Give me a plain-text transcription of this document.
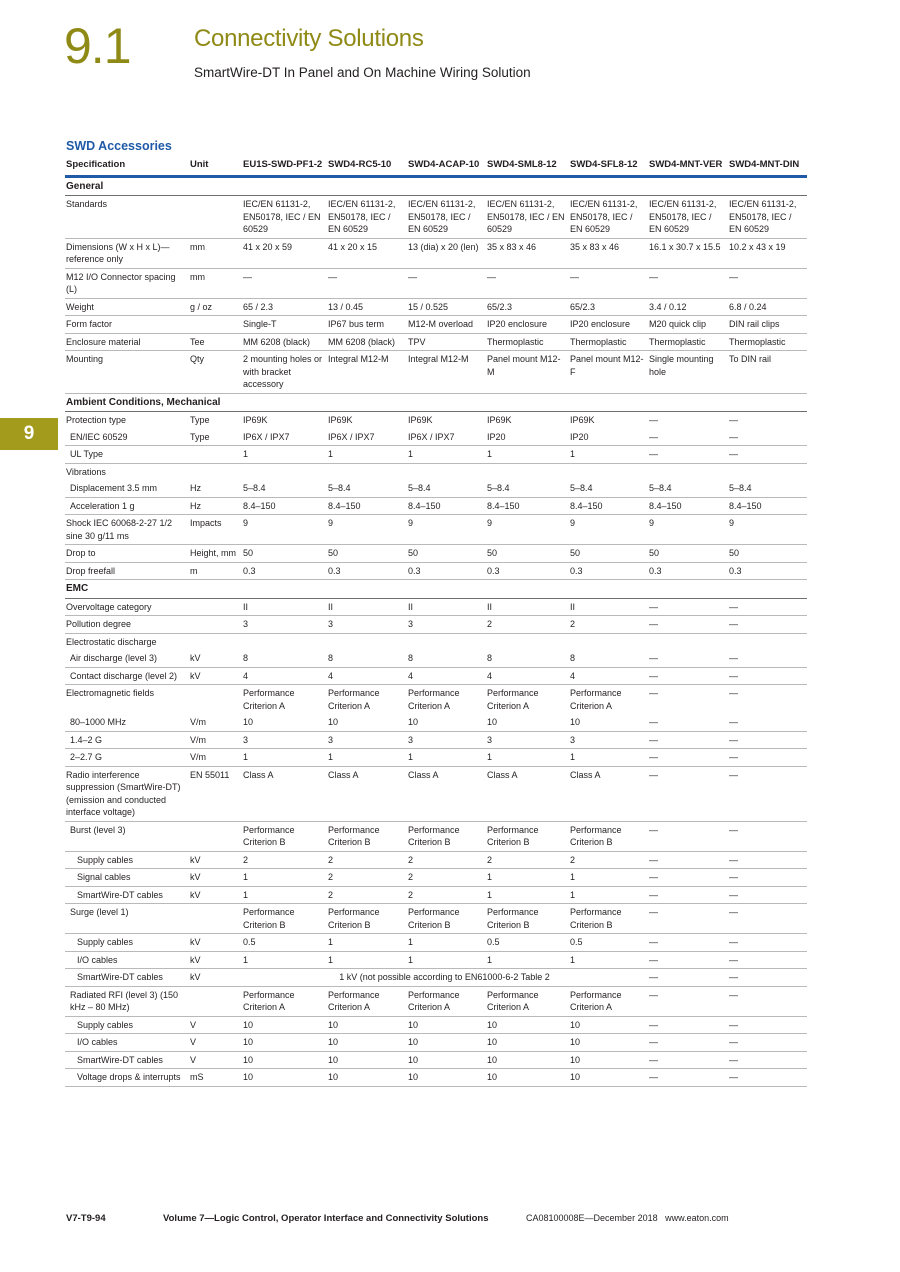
9.1	Connectivity Solutions
SmartWire-DT In Panel and On Machine Wiring Solution
9
SWD Accessories
Specification	Unit	EU1S-SWD-PF1-2	SWD4-RC5-10	SWD4-ACAP-10	SWD4-SML8-12	SWD4-SFL8-12	SWD4-MNT-VER	SWD4-MNT-DIN
General								
Standards		IEC/EN 61131-2, EN50178, IEC / EN 60529	IEC/EN 61131-2, EN50178, IEC / EN 60529	IEC/EN 61131-2, EN50178, IEC / EN 60529	IEC/EN 61131-2, EN50178, IEC / EN 60529	IEC/EN 61131-2, EN50178, IEC / EN 60529	IEC/EN 61131-2, EN50178, IEC / EN 60529	IEC/EN 61131-2, EN50178, IEC / EN 60529
Dimensions (W x H x L)— reference only	mm	41 x 20 x 59	41 x 20 x 15	13 (dia) x 20 (len)	35 x 83 x 46	35 x 83 x 46	16.1 x 30.7 x 15.5	10.2 x 43 x 19
M12 I/O Connector spacing (L)	mm	—	—	—	—	—	—	—
Weight	g / oz	65 / 2.3	13 / 0.45	15 / 0.525	65/2.3	65/2.3	3.4 / 0.12	6.8 / 0.24
Form factor		Single-T	IP67 bus term	M12-M overload	IP20 enclosure	IP20 enclosure	M20 quick clip	DIN rail clips
Enclosure material	Tee	MM 6208 (black)	MM 6208 (black)	TPV	Thermoplastic	Thermoplastic	Thermoplastic	Thermoplastic
Mounting	Qty	2 mounting holes or with bracket accessory	Integral M12-M	Integral M12-M	Panel mount M12-M	Panel mount M12-F	Single mounting hole	To DIN rail
Ambient Conditions, Mechanical								
Protection type	Type	IP69K	IP69K	IP69K	IP69K	IP69K	—	—
EN/IEC 60529	Type	IP6X / IPX7	IP6X / IPX7	IP6X / IPX7	IP20	IP20	—	—
UL Type		1	1	1	1	1	—	—
Vibrations								
Displacement 3.5 mm	Hz	5–8.4	5–8.4	5–8.4	5–8.4	5–8.4	5–8.4	5–8.4
Acceleration 1 g	Hz	8.4–150	8.4–150	8.4–150	8.4–150	8.4–150	8.4–150	8.4–150
Shock IEC 60068-2-27 1/2 sine 30 g/11 ms	Impacts	9	9	9	9	9	9	9
Drop to	Height, mm	50	50	50	50	50	50	50
Drop freefall	m	0.3	0.3	0.3	0.3	0.3	0.3	0.3
EMC								
Overvoltage category		II	II	II	II	II	—	—
Pollution degree		3	3	3	2	2	—	—
Electrostatic discharge								
Air discharge (level 3)	kV	8	8	8	8	8	—	—
Contact discharge (level 2)	kV	4	4	4	4	4	—	—
Electromagnetic fields		Performance Criterion A	Performance Criterion A	Performance Criterion A	Performance Criterion A	Performance Criterion A	—	—
80–1000 MHz	V/m	10	10	10	10	10	—	—
1.4–2 G	V/m	3	3	3	3	3	—	—
2–2.7 G	V/m	1	1	1	1	1	—	—
Radio interference suppression (SmartWire-DT) (emission and conducted interface voltage)	EN 55011	Class A	Class A	Class A	Class A	Class A	—	—
Burst (level 3)		Performance Criterion B	Performance Criterion B	Performance Criterion B	Performance Criterion B	Performance Criterion B	—	—
Supply cables	kV	2	2	2	2	2	—	—
Signal cables	kV	1	2	2	1	1	—	—
SmartWire-DT cables	kV	1	2	2	1	1	—	—
Surge (level 1)		Performance Criterion B	Performance Criterion B	Performance Criterion B	Performance Criterion B	Performance Criterion B	—	—
Supply cables	kV	0.5	1	1	0.5	0.5	—	—
I/O cables	kV	1	1	1	1	1	—	—
SmartWire-DT cables	kV	1 kV (not possible according to EN61000-6-2 Table 2					—	—
Radiated RFI (level 3) (150 kHz – 80 MHz)		Performance Criterion A	Performance Criterion A	Performance Criterion A	Performance Criterion A	Performance Criterion A	—	—
Supply cables	V	10	10	10	10	10	—	—
I/O cables	V	10	10	10	10	10	—	—
SmartWire-DT cables	V	10	10	10	10	10	—	—
Voltage drops & interrupts	mS	10	10	10	10	10	—	—
V7-T9-94	Volume 7—Logic Control, Operator Interface and Connectivity Solutions	CA08100008E—December 2018 www.eaton.com
